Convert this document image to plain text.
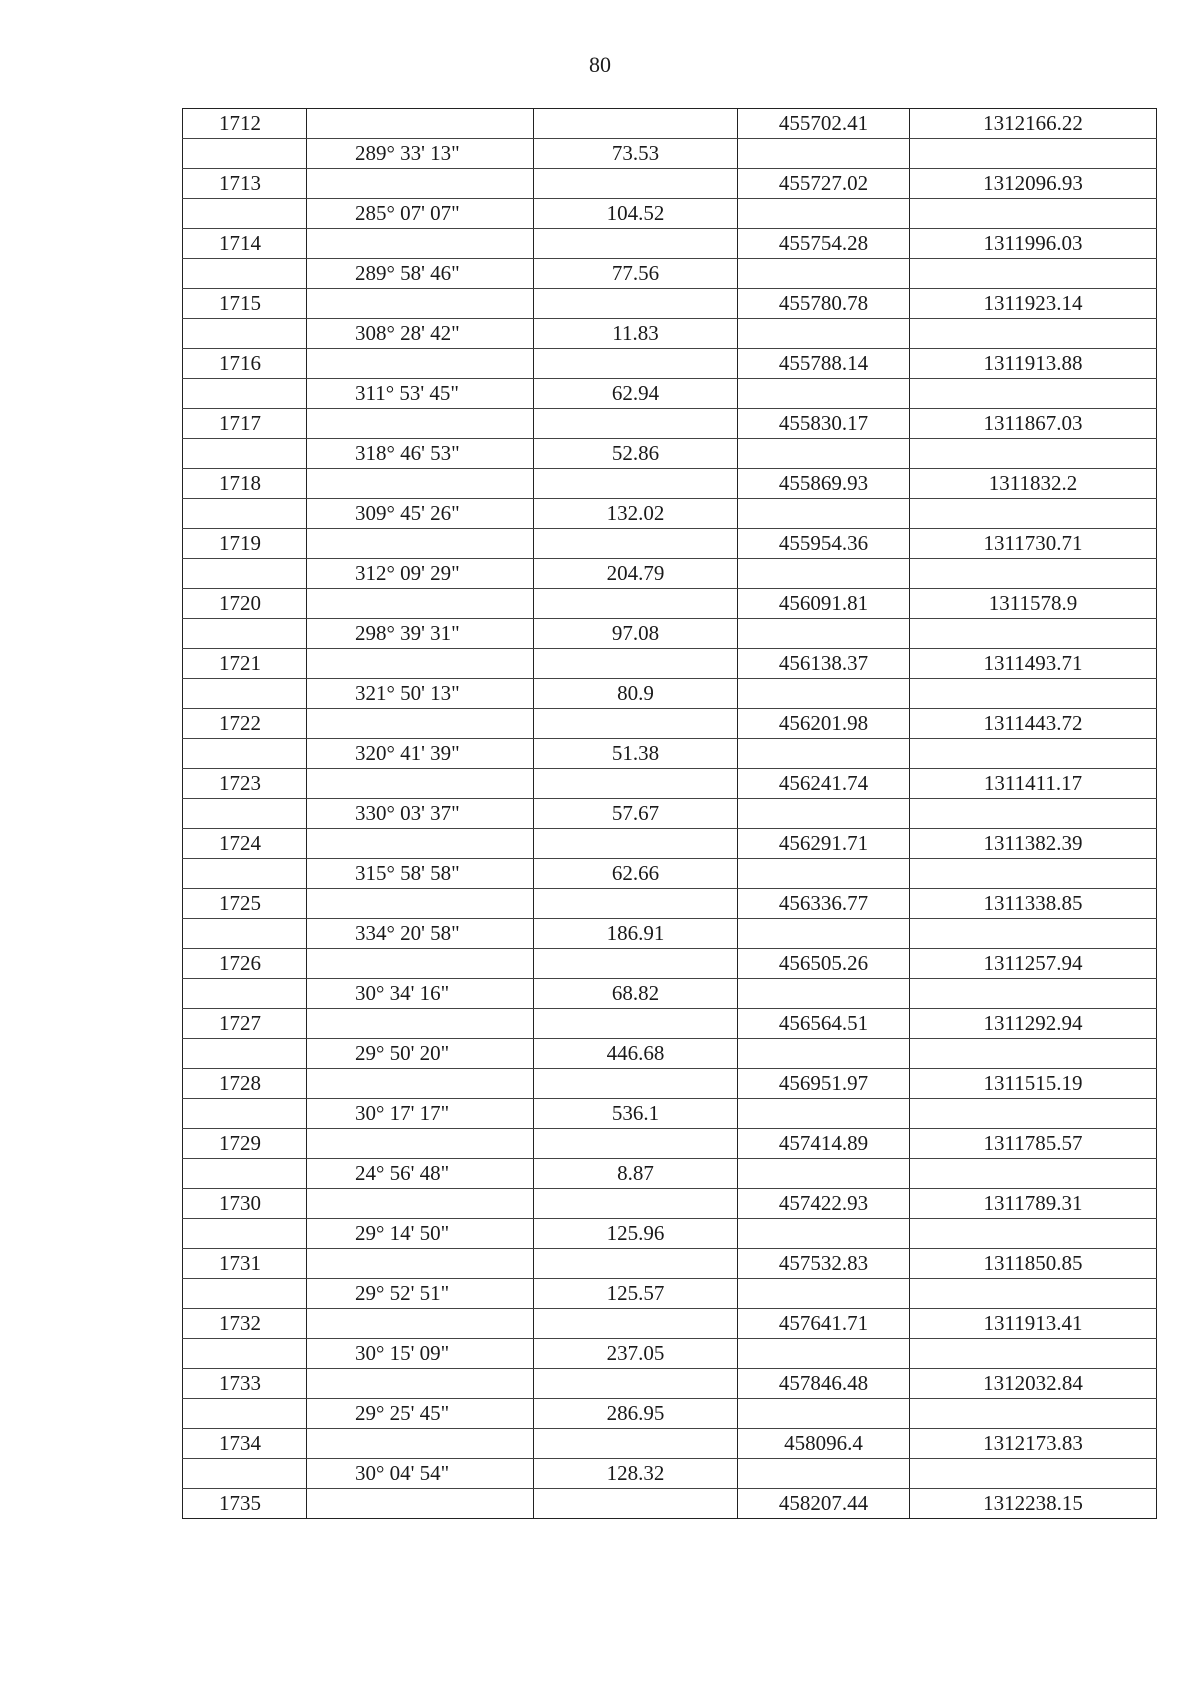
80
1712			455702.41	1312166.22
	289° 33' 13"	73.53		
1713			455727.02	1312096.93
	285° 07' 07"	104.52		
1714			455754.28	1311996.03
	289° 58' 46"	77.56		
1715			455780.78	1311923.14
	308° 28' 42"	11.83		
1716			455788.14	1311913.88
	311° 53' 45"	62.94		
1717			455830.17	1311867.03
	318° 46' 53"	52.86		
1718			455869.93	1311832.2
	309° 45' 26"	132.02		
1719			455954.36	1311730.71
	312° 09' 29"	204.79		
1720			456091.81	1311578.9
	298° 39' 31"	97.08		
1721			456138.37	1311493.71
	321° 50' 13"	80.9		
1722			456201.98	1311443.72
	320° 41' 39"	51.38		
1723			456241.74	1311411.17
	330° 03' 37"	57.67		
1724			456291.71	1311382.39
	315° 58' 58"	62.66		
1725			456336.77	1311338.85
	334° 20' 58"	186.91		
1726			456505.26	1311257.94
	30° 34' 16"	68.82		
1727			456564.51	1311292.94
	29° 50' 20"	446.68		
1728			456951.97	1311515.19
	30° 17' 17"	536.1		
1729			457414.89	1311785.57
	24° 56' 48"	8.87		
1730			457422.93	1311789.31
	29° 14' 50"	125.96		
1731			457532.83	1311850.85
	29° 52' 51"	125.57		
1732			457641.71	1311913.41
	30° 15' 09"	237.05		
1733			457846.48	1312032.84
	29° 25' 45"	286.95		
1734			458096.4	1312173.83
	30° 04' 54"	128.32		
1735			458207.44	1312238.15
